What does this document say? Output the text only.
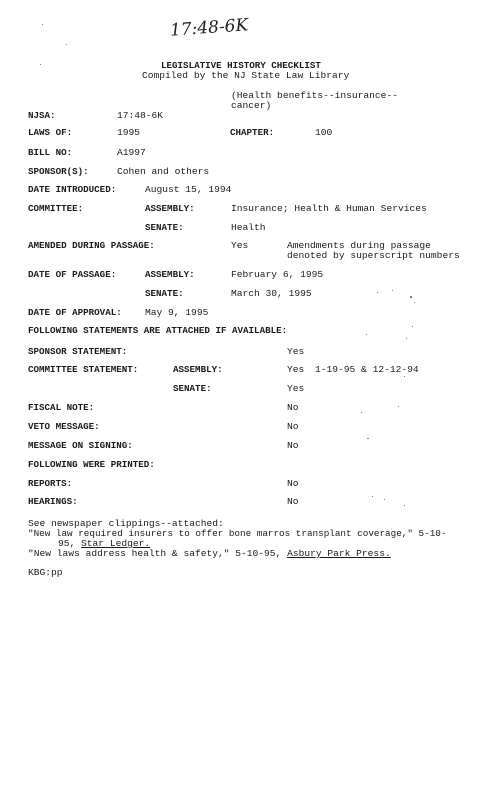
17:48-6K
LEGISLATIVE HISTORY CHECKLIST
Compiled by the NJ State Law Library
(Health benefits--insurance--
cancer)
NJSA:	17:48-6K
LAWS OF:	1995	CHAPTER:	100
BILL NO:	A1997
SPONSOR(S):	Cohen and others
DATE INTRODUCED:	August 15, 1994
COMMITTEE:	ASSEMBLY:	Insurance; Health & Human Services
SENATE:	Health
AMENDED DURING PASSAGE:	Yes	Amendments during passage
denoted by superscript numbers
DATE OF PASSAGE:	ASSEMBLY:	February 6, 1995
SENATE:	March 30, 1995
DATE OF APPROVAL: May 9, 1995
FOLLOWING STATEMENTS ARE ATTACHED IF AVAILABLE:
SPONSOR STATEMENT:	Yes
COMMITTEE STATEMENT:	ASSEMBLY:	Yes 1-19-95 & 12-12-94
SENATE:	Yes
FISCAL NOTE:	No
VETO MESSAGE:	No
MESSAGE ON SIGNING:	No
FOLLOWING WERE PRINTED:
REPORTS:	No
HEARINGS:	No
See newspaper clippings--attached:
"New law required insurers to offer bone marros transplant coverage," 5-10-
95, Star Ledger.
"New laws address health & safety," 5-10-95, Asbury Park Press.
KBG:pp
